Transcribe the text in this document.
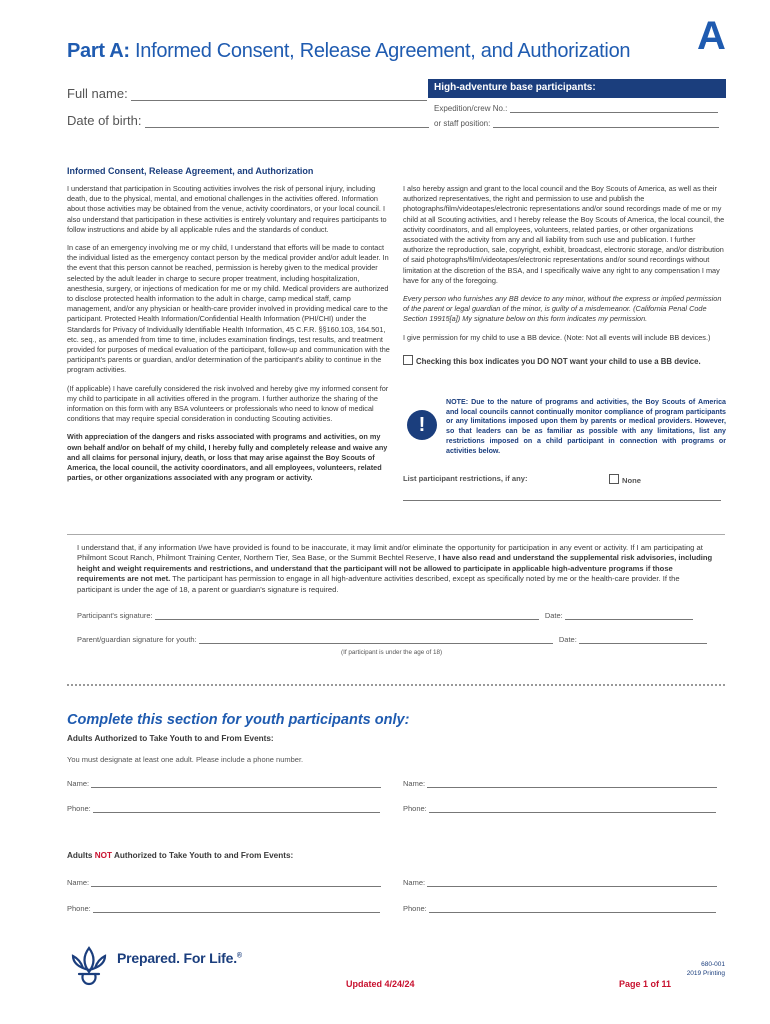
Part A: Informed Consent, Release Agreement, and Authorization A
Full name:
Date of birth:
High-adventure base participants:
Expedition/crew No.:
or staff position:
Informed Consent, Release Agreement, and Authorization

I understand that participation in Scouting activities involves the risk of personal injury, including death, due to the physical, mental, and emotional challenges in the activities offered. Information about those activities may be obtained from the venue, activity coordinators, or your local council. I also understand that participation in these activities is entirely voluntary and requires participants to follow instructions and abide by all applicable rules and the standards of conduct.

In case of an emergency involving me or my child, I understand that efforts will be made to contact the individual listed as the emergency contact person by the medical provider and/or adult leader. In the event that this person cannot be reached, permission is hereby given to the medical provider selected by the adult leader in charge to secure proper treatment, including hospitalization, anesthesia, surgery, or injections of medication for me or my child. Medical providers are authorized to disclose protected health information to the adult in charge, camp medical staff, camp management, and/or any physician or health-care provider involved in providing medical care to the participant. Protected Health Information/Confidential Health Information (PHI/CHI) under the Standards for Privacy of Individually Identifiable Health Information, 45 C.F.R. §§160.103, 164.501, etc. seq., as amended from time to time, includes examination findings, test results, and treatment provided for purposes of medical evaluation of the participant, follow-up and communication with the participant's parents or guardian, and/or determination of the participant's ability to continue in the program activities.

(If applicable) I have carefully considered the risk involved and hereby give my informed consent for my child to participate in all activities offered in the program. I further authorize the sharing of the information on this form with any BSA volunteers or professionals who need to know of medical conditions that may require special consideration in conducting Scouting activities.

With appreciation of the dangers and risks associated with programs and activities, on my own behalf and/or on behalf of my child, I hereby fully and completely release and waive any and all claims for personal injury, death, or loss that may arise against the Boy Scouts of America, the local council, the activity coordinators, and all employees, volunteers, related parties, or other organizations associated with any program or activity.

I also hereby assign and grant to the local council and the Boy Scouts of America, as well as their authorized representatives, the right and permission to use and publish the photographs/film/videotapes/electronic representations and/or sound recordings made of me or my child at all Scouting activities, and I hereby release the Boy Scouts of America, the local council, the activity coordinators, and all employees, volunteers, related parties, or other organizations associated with the activity from any and all liability from such use and publication. I further authorize the reproduction, sale, copyright, exhibit, broadcast, electronic storage, and/or distribution of said photographs/film/videotapes/electronic representations and/or sound recordings without limitation at the discretion of the BSA, and I specifically waive any right to any compensation I may have for any of the foregoing.

Every person who furnishes any BB device to any minor, without the express or implied permission of the parent or legal guardian of the minor, is guilty of a misdemeanor. (California Penal Code Section 19915[a]) My signature below on this form indicates my permission.

I give permission for my child to use a BB device. (Note: Not all events will include BB devices.)

Checking this box indicates you DO NOT want your child to use a BB device.
!
NOTE: Due to the nature of programs and activities, the Boy Scouts of America and local councils cannot continually monitor compliance of program participants or any limitations imposed upon them by parents or medical providers. However, so that leaders can be as familiar as possible with any limitations, list any restrictions imposed on a child participant in connection with programs or activities below.
List participant restrictions, if any:	None

I understand that, if any information I/we have provided is found to be inaccurate, it may limit and/or eliminate the opportunity for participation in any event or activity. If I am participating at Philmont Scout Ranch, Philmont Training Center, Northern Tier, Sea Base, or the Summit Bechtel Reserve, I have also read and understand the supplemental risk advisories, including height and weight requirements and restrictions, and understand that the participant will not be allowed to participate in applicable high-adventure programs if those requirements are not met. The participant has permission to engage in all high-adventure activities described, except as specifically noted by me or the health-care provider. If the participant is under the age of 18, a parent or guardian's signature is required.

Participant's signature:	Date:
Parent/guardian signature for youth:	Date:
(If participant is under the age of 18)
Complete this section for youth participants only:
Adults Authorized to Take Youth to and From Events:
You must designate at least one adult. Please include a phone number.
Name:	Name:
Phone:	Phone:
Adults NOT Authorized to Take Youth to and From Events:
Name:	Name:
Phone:	Phone:
Prepared. For Life.®
Updated 4/24/24	Page 1 of 11
680-001
2019 Printing
